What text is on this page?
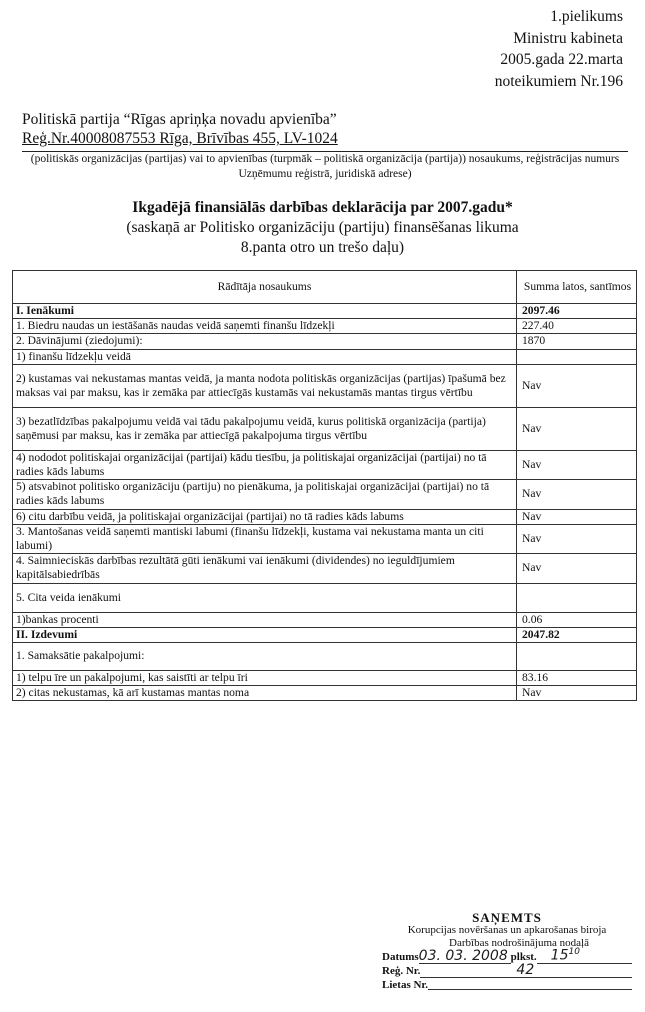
1.pielikums
Ministru kabineta
2005.gada 22.marta
noteikumiem Nr.196
Politiskā partija “Rīgas apriņķa novadu apvienība”
Reģ.Nr.40008087553 Rīga, Brīvības 455, LV-1024
(politiskās organizācijas (partijas) vai to apvienības (turpmāk – politiskā organizācija (partija)) nosaukums, reģistrācijas numurs Uzņēmumu reģistrā, juridiskā adrese)
Ikgadējā finansiālās darbības deklarācija par 2007.gadu*
(saskaņā ar Politisko organizāciju (partiju) finansēšanas likuma
8.panta otro un trešo daļu)
Rādītāja nosaukums	Summa latos, santīmos
I. Ienākumi	2097.46
1. Biedru naudas un iestāšanās naudas veidā saņemti finanšu līdzekļi	227.40
2. Dāvinājumi (ziedojumi):	1870
1) finanšu līdzekļu veidā	
2) kustamas vai nekustamas mantas veidā, ja manta nodota politiskās organizācijas (partijas) īpašumā bez maksas vai par maksu, kas ir zemāka par attiecīgās kustamās vai nekustamās mantas tirgus vērtību	Nav
3) bezatlīdzības pakalpojumu veidā vai tādu pakalpojumu veidā, kurus politiskā organizācija (partija) saņēmusi par maksu, kas ir zemāka par attiecīgā pakalpojuma tirgus vērtību	Nav
4) nododot politiskajai organizācijai (partijai) kādu tiesību, ja politiskajai organizācijai (partijai) no tā radies kāds labums	Nav
5) atsvabinot politisko organizāciju (partiju) no pienākuma, ja politiskajai organizācijai (partijai) no tā radies kāds labums	Nav
6) citu darbību veidā, ja politiskajai organizācijai (partijai) no tā radies kāds labums	Nav
3. Mantošanas veidā saņemti mantiski labumi (finanšu līdzekļi, kustama vai nekustama manta un citi labumi)	Nav
4. Saimnieciskās darbības rezultātā gūti ienākumi vai ienākumi (dividendes) no ieguldījumiem kapitālsabiedrībās	Nav
5. Cita veida ienākumi	
1)bankas procenti	0.06
II. Izdevumi	2047.82
1. Samaksātie pakalpojumi:	
1) telpu īre un pakalpojumi, kas saistīti ar telpu īri	83.16
2) citas nekustamas, kā arī kustamas mantas noma	Nav
SAŅEMTS
Korupcijas novēršanas un apkarošanas biroja
Darbības nodrošinājuma nodaļā
Datums 03. 03. 2008 plkst.	$15^{10}$
Reģ. Nr.	42
Lietas Nr.
